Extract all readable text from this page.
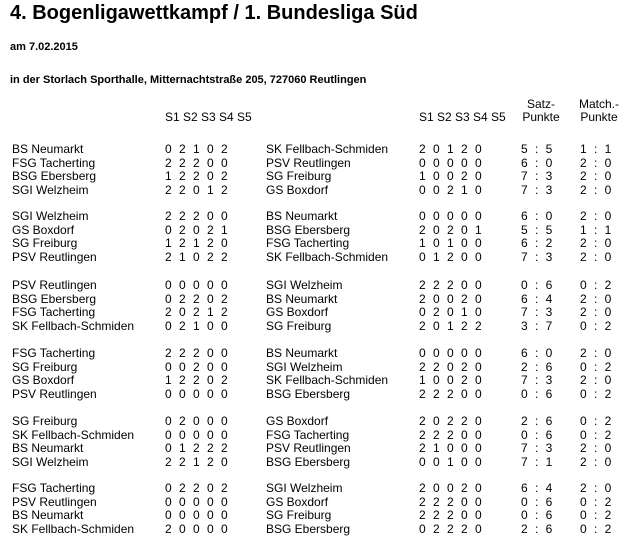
4. Bogenligawettkampf / 1. Bundesliga Süd
am 7.02.2015
in der Storlach Sporthalle, Mitternachtstraße 205, 727060 Reutlingen
S1 S2 S3 S4 S5	S1 S2 S3 S4 S5
Satz-
Punkte
Match.-
Punkte
BS Neumarkt	0 2 1 0 2	SK Fellbach-Schmiden	2 0 1 2 0	5 : 5 1 : 1
FSG Tacherting	2 2 2 0 0	PSV Reutlingen	0 0 0 0 0	6 : 0 2 : 0
BSG Ebersberg	1 2 2 0 2	SG Freiburg	1 0 0 2 0	7 : 3 2 : 0
SGI Welzheim	2 2 0 1 2	GS Boxdorf	0 0 2 1 0	7 : 3 2 : 0
SGI Welzheim	2 2 2 0 0	BS Neumarkt	0 0 0 0 0	6 : 0 2 : 0
GS Boxdorf	0 2 0 2 1	BSG Ebersberg	2 0 2 0 1	5 : 5 1 : 1
SG Freiburg	1 2 1 2 0	FSG Tacherting	1 0 1 0 0	6 : 2 2 : 0
PSV Reutlingen	2 1 0 2 2	SK Fellbach-Schmiden	0 1 2 0 0	7 : 3 2 : 0
PSV Reutlingen	0 0 0 0 0	SGI Welzheim	2 2 2 0 0	0 : 6 0 : 2
BSG Ebersberg	0 2 2 0 2	BS Neumarkt	2 0 0 2 0	6 : 4 2 : 0
FSG Tacherting	2 0 2 1 2	GS Boxdorf	0 2 0 1 0	7 : 3 2 : 0
SK Fellbach-Schmiden	0 2 1 0 0	SG Freiburg	2 0 1 2 2	3 : 7 0 : 2
FSG Tacherting	2 2 2 0 0	BS Neumarkt	0 0 0 0 0	6 : 0 2 : 0
SG Freiburg	0 0 2 0 0	SGI Welzheim	2 2 0 2 0	2 : 6 0 : 2
GS Boxdorf	1 2 2 0 2	SK Fellbach-Schmiden	1 0 0 2 0	7 : 3 2 : 0
PSV Reutlingen	0 0 0 0 0	BSG Ebersberg	2 2 2 0 0	0 : 6 0 : 2
SG Freiburg	0 2 0 0 0	GS Boxdorf	2 0 2 2 0	2 : 6 0 : 2
SK Fellbach-Schmiden	0 0 0 0 0	FSG Tacherting	2 2 2 0 0	0 : 6 0 : 2
BS Neumarkt	0 1 2 2 2	PSV Reutlingen	2 1 0 0 0	7 : 3 2 : 0
SGI Welzheim	2 2 1 2 0	BSG Ebersberg	0 0 1 0 0	7 : 1 2 : 0
FSG Tacherting	0 2 2 0 2	SGI Welzheim	2 0 0 2 0	6 : 4 2 : 0
PSV Reutlingen	0 0 0 0 0	GS Boxdorf	2 2 2 0 0	0 : 6 0 : 2
BS Neumarkt	0 0 0 0 0	SG Freiburg	2 2 2 0 0	0 : 6 0 : 2
SK Fellbach-Schmiden	2 0 0 0 0	BSG Ebersberg	0 2 2 2 0	2 : 6 0 : 2
